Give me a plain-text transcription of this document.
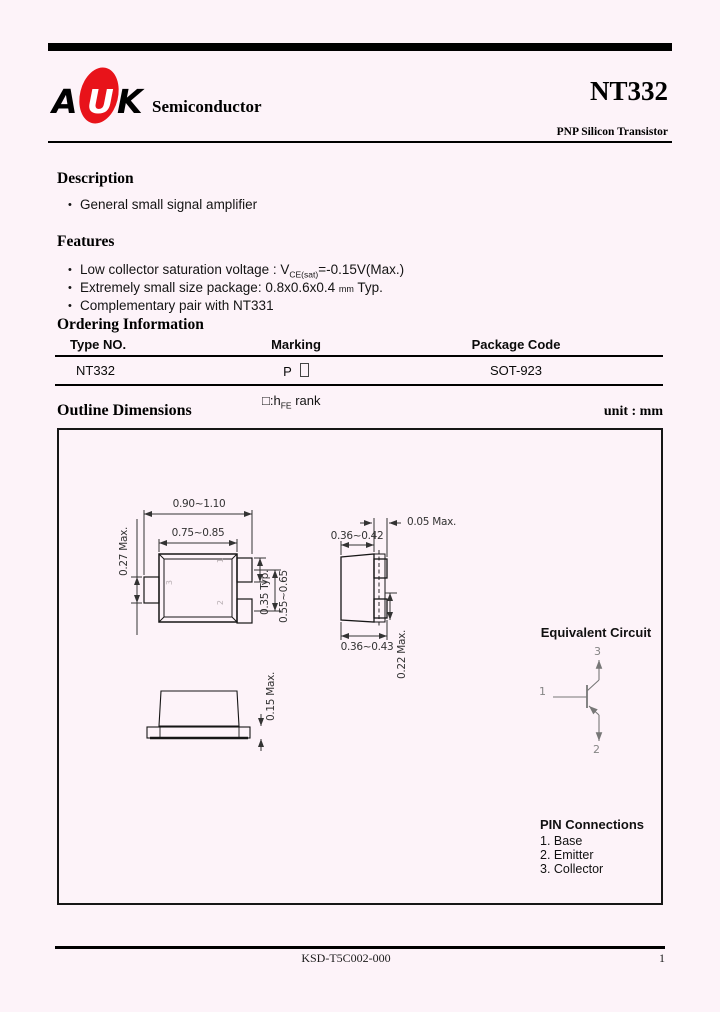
A U K Semiconductor
NT332
PNP Silicon Transistor
Description
• General small signal amplifier
Features
• Low collector saturation voltage : $V_{CE(sat)}=-0.15V(Max.)$
• Extremely small size package: 0.8x0.6x0.4 mm Typ.
• Complementary pair with NT331
Ordering Information
Type NO.	Marking	Package Code
NT332	P	SOT-923
$□:h_{FE}$ rank
Outline Dimensions	unit : mm
0.90~1.10
0.75~0.85
0.27 Max.
0.35 Typ. 0.55~0.65
3
1
2
0.36~0.42
0.05 Max.
0.36~0.43 0.22 Max.
0.15 Max.
Equivalent Circuit
3
1
2
PIN Connections
1. Base
2. Emitter
3. Collector
KSD-T5C002-000	1
